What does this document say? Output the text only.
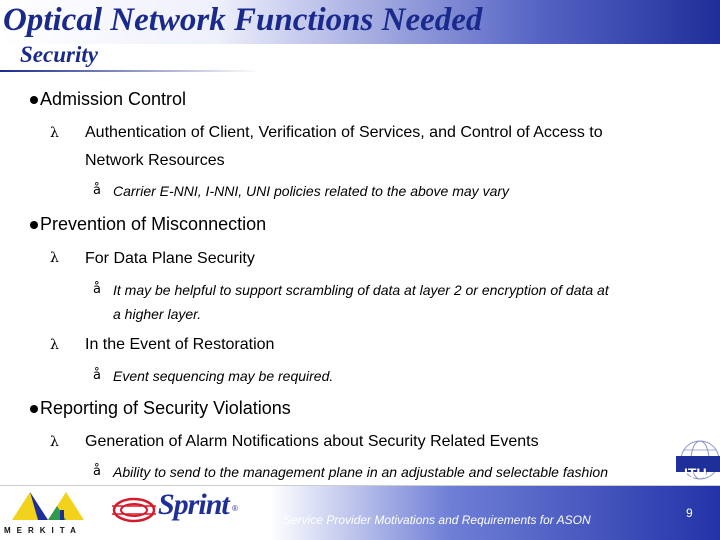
Optical Network Functions Needed
Security
Admission Control
λ Authentication of Client, Verification of Services, and Control of Access to
Network Resources
å Carrier E-NNI, I-NNI, UNI policies related to the above may vary
Prevention of Misconnection
λ For Data Plane Security
å It may be helpful to support scrambling of data at layer 2 or encryption of data at
a higher layer.
λ In the Event of Restoration
å Event sequencing may be required.
Reporting of Security Violations
λ Generation of Alarm Notifications about Security Related Events
å Ability to send to the management plane in an adjustable and selectable fashion	ITU
MERKITA
Sprint ®
Service Provider Motivations and Requirements for ASON	9
